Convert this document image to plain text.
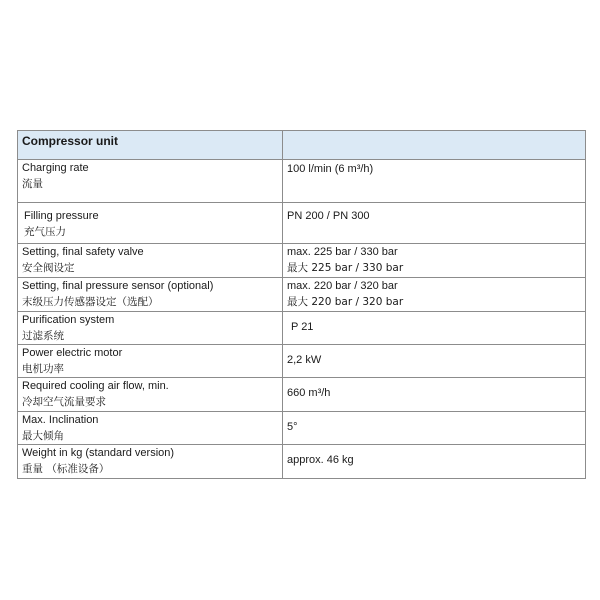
Compressor unit	

Charging rate
流量	100 l/min (6 m³/h)

Filling pressure
充气压力	PN 200 / PN 300

Setting, final safety valve
安全阀设定	max. 225 bar / 330 bar
最大 225 bar / 330 bar

Setting, final pressure sensor (optional)
末级压力传感器设定（选配）	max. 220 bar / 320 bar
最大 220 bar / 320 bar

Purification system
过滤系统	P 21

Power electric motor
电机功率	2,2 kW

Required cooling air flow, min.
冷却空气流量要求	660 m³/h

Max. Inclination
最大倾角	5°

Weight in kg (standard version)
重量 （标准设备）	approx. 46 kg
